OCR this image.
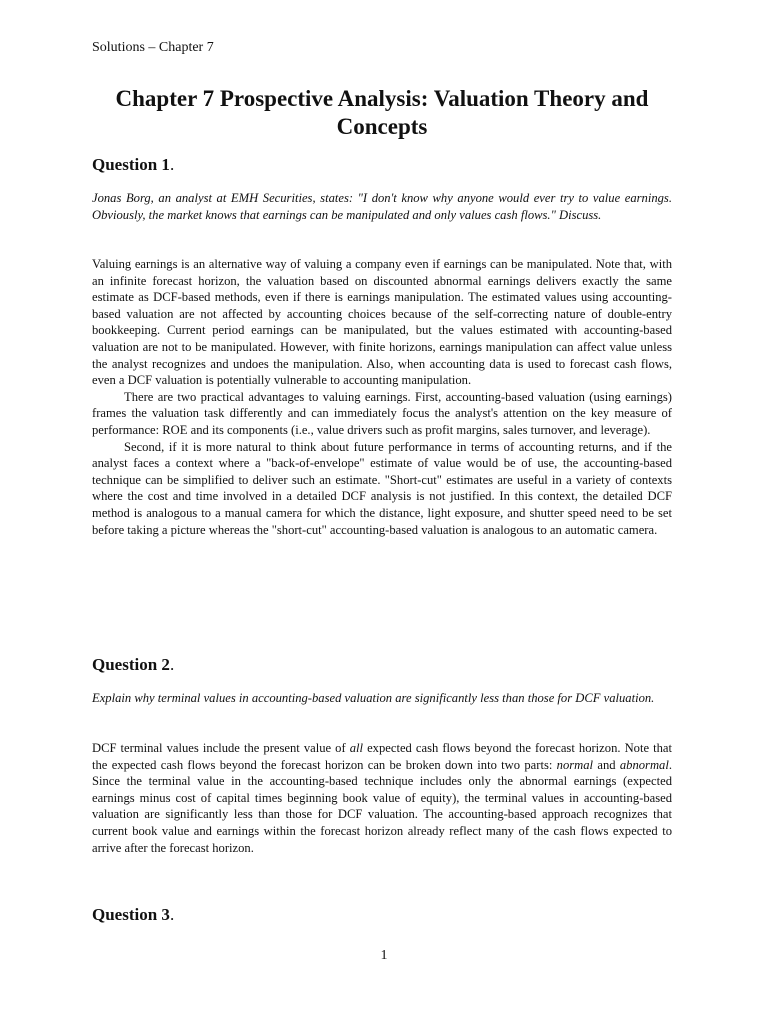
Solutions – Chapter 7
Chapter 7 Prospective Analysis: Valuation Theory and Concepts
Question 1.
Jonas Borg, an analyst at EMH Securities, states: "I don't know why anyone would ever try to value earnings. Obviously, the market knows that earnings can be manipulated and only values cash flows." Discuss.

Valuing earnings is an alternative way of valuing a company even if earnings can be manipulated. Note that, with an infinite forecast horizon, the valuation based on discounted abnormal earnings delivers exactly the same estimate as DCF-based methods, even if there is earnings manipulation. The estimated values using accounting-based valuation are not affected by accounting choices because of the self-correcting nature of double-entry bookkeeping. Current period earnings can be manipulated, but the values estimated with accounting-based valuation are not to be manipulated. However, with finite horizons, earnings manipulation can affect value unless the analyst recognizes and undoes the manipulation. Also, when accounting data is used to forecast cash flows, even a DCF valuation is potentially vulnerable to accounting manipulation.

There are two practical advantages to valuing earnings. First, accounting-based valuation (using earnings) frames the valuation task differently and can immediately focus the analyst's attention on the key measure of performance: ROE and its components (i.e., value drivers such as profit margins, sales turnover, and leverage).

Second, if it is more natural to think about future performance in terms of accounting returns, and if the analyst faces a context where a "back-of-envelope" estimate of value would be of use, the accounting-based technique can be simplified to deliver such an estimate. "Short-cut" estimates are useful in a variety of contexts where the cost and time involved in a detailed DCF analysis is not justified. In this context, the detailed DCF method is analogous to a manual camera for which the distance, light exposure, and shutter speed need to be set before taking a picture whereas the "short-cut" accounting-based valuation is analogous to an automatic camera.

Question 2.
Explain why terminal values in accounting-based valuation are significantly less than those for DCF valuation.

DCF terminal values include the present value of all expected cash flows beyond the forecast horizon. Note that the expected cash flows beyond the forecast horizon can be broken down into two parts: normal and abnormal. Since the terminal value in the accounting-based technique includes only the abnormal earnings (expected earnings minus cost of capital times beginning book value of equity), the terminal values in accounting-based valuation are significantly less than those for DCF valuation. The accounting-based approach recognizes that current book value and earnings within the forecast horizon already reflect many of the cash flows expected to arrive after the forecast horizon.

Question 3.
1
